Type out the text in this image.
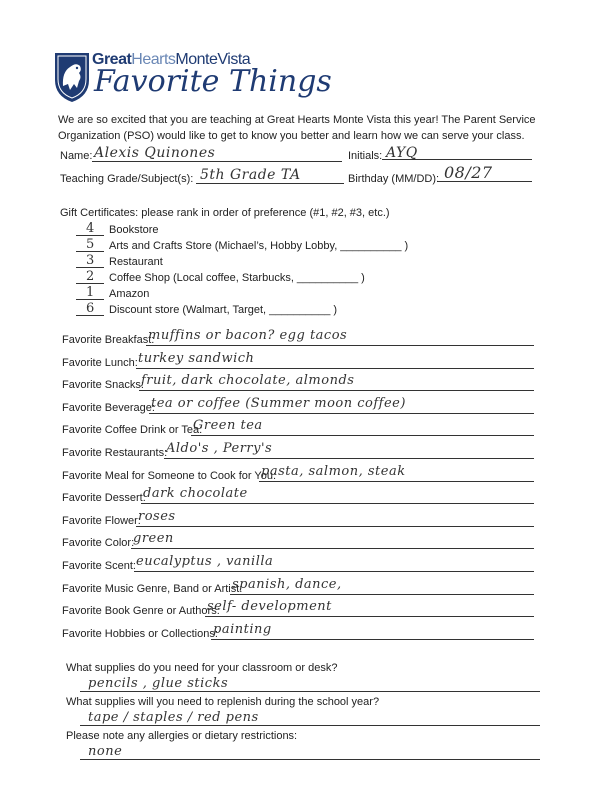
GreatHeartsMonteVista
Favorite Things
We are so excited that you are teaching at Great Hearts Monte Vista this year! The Parent Service
Organization (PSO) would like to get to know you better and learn how we can serve your class.
Name: Alexis Quinones	Initials: AYQ
Teaching Grade/Subject(s): 5th Grade TA	Birthday (MM/DD): 08/27
Gift Certificates: please rank in order of preference (#1, #2, #3, etc.)
4 Bookstore
5 Arts and Crafts Store (Michael’s, Hobby Lobby, __________ )
3 Restaurant
2 Coffee Shop (Local coffee, Starbucks, __________ )
1 Amazon
6 Discount store (Walmart, Target, __________ )
Favorite Breakfast:
muffins or bacon? egg tacos
Favorite Lunch: turkey sandwich
Favorite Snacks:
fruit, dark chocolate, almonds
Favorite Beverage:
tea or coffee (Summer moon coffee)
Favorite Coffee Drink or Tea:
Green tea
Favorite Restaurants:
Aldo's , Perry's
Favorite Meal for Someone to Cook for You:
pasta, salmon, steak
Favorite Dessert:
dark chocolate
Favorite Flower:
roses
Favorite Color:
green
Favorite Scent: eucalyptus , vanilla
Favorite Music Genre, Band or Artist:
spanish, dance,
Favorite Book Genre or Authors:
self- development
Favorite Hobbies or Collections:
painting
What supplies do you need for your classroom or desk?
pencils , glue sticks
What supplies will you need to replenish during the school year?
tape / staples / red pens
Please note any allergies or dietary restrictions:
none
